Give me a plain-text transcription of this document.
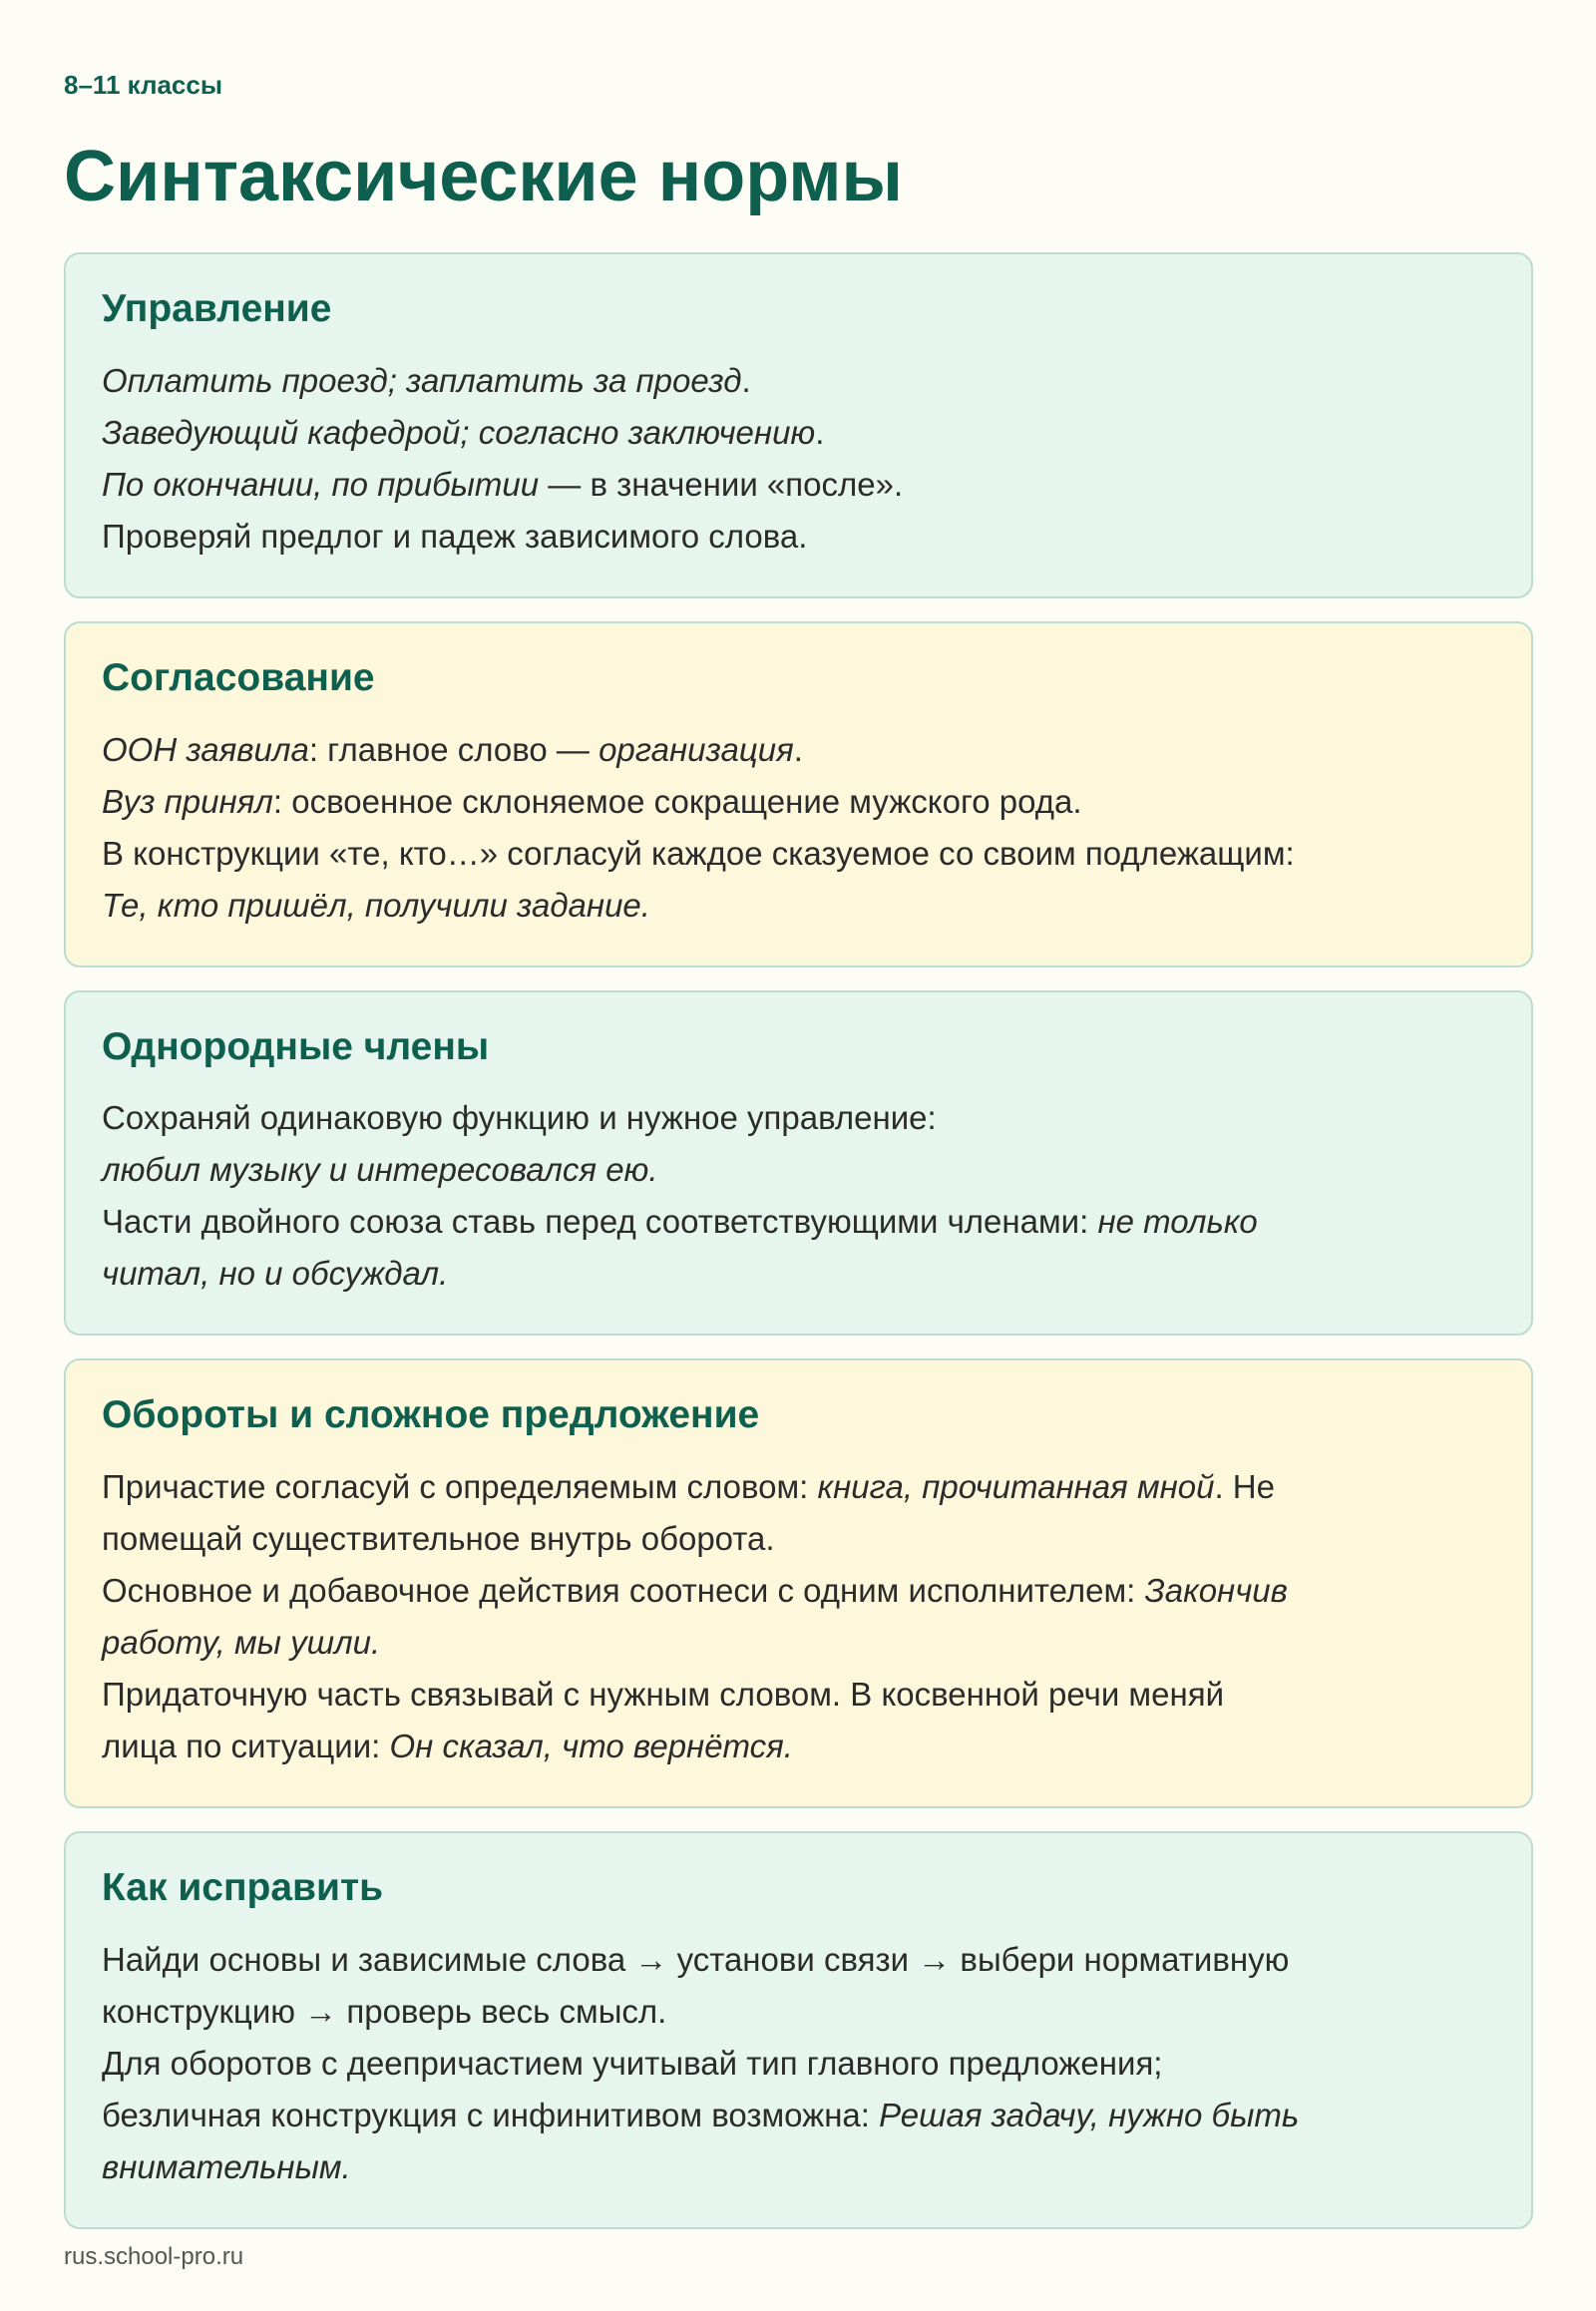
8–11 классы
Синтаксические нормы
Управление
Оплатить проезд; заплатить за проезд.
Заведующий кафедрой; согласно заключению.
По окончании, по прибытии — в значении «после».
Проверяй предлог и падеж зависимого слова.
Согласование
ООН заявила: главное слово — организация.
Вуз принял: освоенное склоняемое сокращение мужского рода.
В конструкции «те, кто…» согласуй каждое сказуемое со своим подлежащим:
Те, кто пришёл, получили задание.
Однородные члены
Сохраняй одинаковую функцию и нужное управление:
любил музыку и интересовался ею.
Части двойного союза ставь перед соответствующими членами: не только
читал, но и обсуждал.
Обороты и сложное предложение
Причастие согласуй с определяемым словом: книга, прочитанная мной. Не
помещай существительное внутрь оборота.
Основное и добавочное действия соотнеси с одним исполнителем: Закончив
работу, мы ушли.
Придаточную часть связывай с нужным словом. В косвенной речи меняй
лица по ситуации: Он сказал, что вернётся.
Как исправить
Найди основы и зависимые слова → установи связи → выбери нормативную
конструкцию → проверь весь смысл.
Для оборотов с деепричастием учитывай тип главного предложения;
безличная конструкция с инфинитивом возможна: Решая задачу, нужно быть
внимательным.
rus.school-pro.ru
